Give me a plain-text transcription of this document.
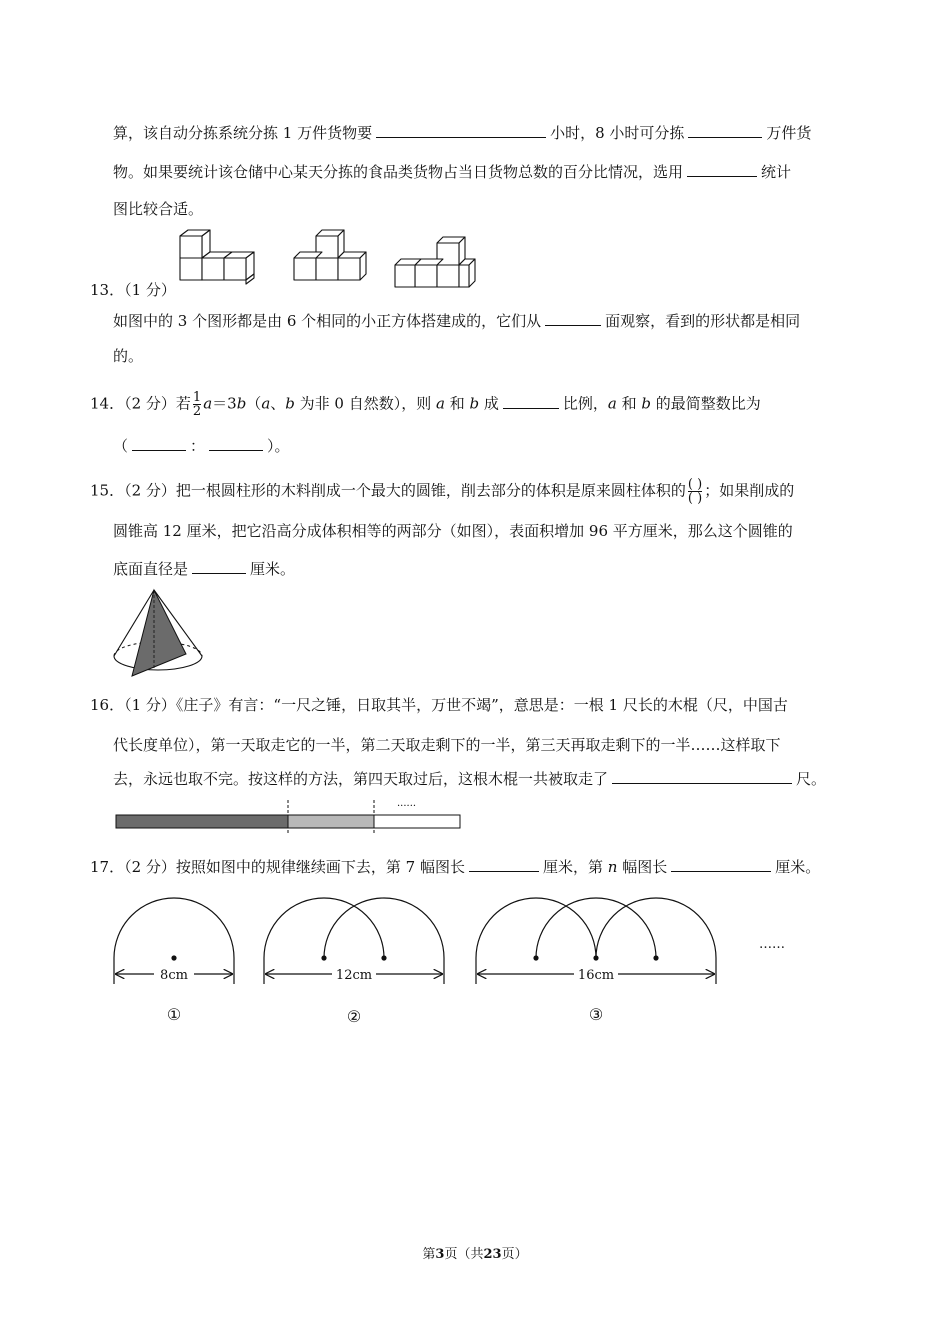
算，该自动分拣系统分拣 1 万件货物要	小时，8 小时可分拣	万件货
物。如果要统计该仓储中心某天分拣的食品类货物占当日货物总数的百分比情况，选用	统计
图比较合适。
13．（1 分）
如图中的 3 个图形都是由 6 个相同的小正方体搭建成的，它们从	面观察，看到的形状都是相同
的。
14．（2 分）若 $\frac{1}{2} a=3b(a$、b 为非 0 自然数），则 a 和 b 成	比例，a 和 b 的最简整数比为
（	：	）。
15．（2 分）把一根圆柱形的木料削成一个最大的圆锥，削去部分的体积是原来圆柱体积的 $\frac{( )}{( )}$ ；如果削成的
圆锥高 12 厘米，把它沿高分成体积相等的两部分（如图），表面积增加 96 平方厘米，那么这个圆锥的
底面直径是	厘米。
16．（1 分）《庄子》有言：“一尺之锤，日取其半，万世不竭”，意思是：一根 1 尺长的木棍（尺，中国古
代长度单位），第一天取走它的一半，第二天取走剩下的一半，第三天再取走剩下的一半……这样取下
去，永远也取不完。按这样的方法，第四天取过后，这根木棍一共被取走了	尺。
······
17．（2 分）按照如图中的规律继续画下去，第 7 幅图长	厘米，第 n 幅图长	厘米。
8cm	12cm	16cm
①	②	③
……
第3页（共23页）
